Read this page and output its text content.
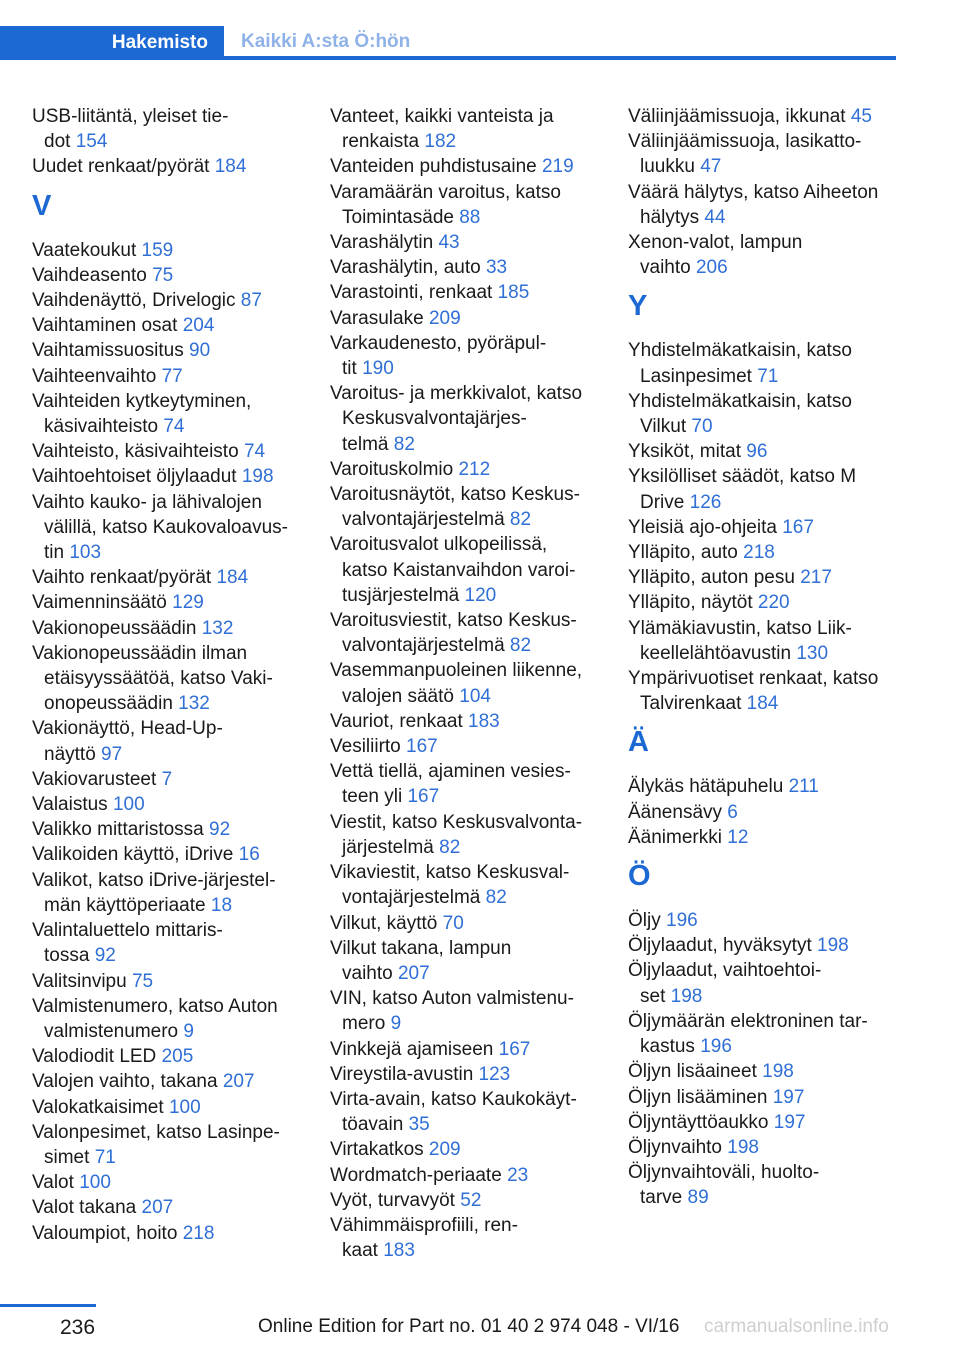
Hakemisto	Kaikki A:sta Ö:hön
USB-liitäntä, yleiset tie-
dot 154
Uudet renkaat/pyörät 184
V
Vaatekoukut 159
Vaihdeasento 75
Vaihdenäyttö, Drivelogic 87
Vaihtaminen osat 204
Vaihtamissuositus 90
Vaihteenvaihto 77
Vaihteiden kytkeytyminen,
käsivaihteisto 74
Vaihteisto, käsivaihteisto 74
Vaihtoehtoiset öljylaadut 198
Vaihto kauko- ja lähivalojen
välillä, katso Kaukovaloavus-
tin 103
Vaihto renkaat/pyörät 184
Vaimenninsäätö 129
Vakionopeussäädin 132
Vakionopeussäädin ilman
etäisyyssäätöä, katso Vaki-
onopeussäädin 132
Vakionäyttö, Head-Up-
näyttö 97
Vakiovarusteet 7
Valaistus 100
Valikko mittaristossa 92
Valikoiden käyttö, iDrive 16
Valikot, katso iDrive-järjestel-
män käyttöperiaate 18
Valintaluettelo mittaris-
tossa 92
Valitsinvipu 75
Valmistenumero, katso Auton
valmistenumero 9
Valodiodit LED 205
Valojen vaihto, takana 207
Valokatkaisimet 100
Valonpesimet, katso Lasinpe-
simet 71
Valot 100
Valot takana 207
Valoumpiot, hoito 218
Vanteet, kaikki vanteista ja
renkaista 182
Vanteiden puhdistusaine 219
Varamäärän varoitus, katso
Toimintasäde 88
Varashälytin 43
Varashälytin, auto 33
Varastointi, renkaat 185
Varasulake 209
Varkaudenesto, pyöräpul-
tit 190
Varoitus- ja merkkivalot, katso
Keskusvalvontajärjes-
telmä 82
Varoituskolmio 212
Varoitusnäytöt, katso Keskus-
valvontajärjestelmä 82
Varoitusvalot ulkopeilissä,
katso Kaistanvaihdon varoi-
tusjärjestelmä 120
Varoitusviestit, katso Keskus-
valvontajärjestelmä 82
Vasemmanpuoleinen liikenne,
valojen säätö 104
Vauriot, renkaat 183
Vesiliirto 167
Vettä tiellä, ajaminen vesies-
teen yli 167
Viestit, katso Keskusvalvonta-
järjestelmä 82
Vikaviestit, katso Keskusval-
vontajärjestelmä 82
Vilkut, käyttö 70
Vilkut takana, lampun
vaihto 207
VIN, katso Auton valmistenu-
mero 9
Vinkkejä ajamiseen 167
Vireystila-avustin 123
Virta-avain, katso Kaukokäyt-
töavain 35
Virtakatkos 209
Wordmatch-periaate 23
Vyöt, turvavyöt 52
Vähimmäisprofiili, ren-
kaat 183
Väliinjäämissuoja, ikkunat 45
Väliinjäämissuoja, lasikatto-
luukku 47
Väärä hälytys, katso Aiheeton
hälytys 44
Xenon-valot, lampun
vaihto 206
Y
Yhdistelmäkatkaisin, katso
Lasinpesimet 71
Yhdistelmäkatkaisin, katso
Vilkut 70
Yksiköt, mitat 96
Yksilölliset säädöt, katso M
Drive 126
Yleisiä ajo-ohjeita 167
Ylläpito, auto 218
Ylläpito, auton pesu 217
Ylläpito, näytöt 220
Ylämäkiavustin, katso Liik-
keellelähtöavustin 130
Ympärivuotiset renkaat, katso
Talvirenkaat 184
Ä
Älykäs hätäpuhelu 211
Äänensävy 6
Äänimerkki 12
Ö
Öljy 196
Öljylaadut, hyväksytyt 198
Öljylaadut, vaihtoehtoi-
set 198
Öljymäärän elektroninen tar-
kastus 196
Öljyn lisäaineet 198
Öljyn lisääminen 197
Öljyntäyttöaukko 197
Öljynvaihto 198
Öljynvaihtoväli, huolto-
tarve 89
236	Online Edition for Part no. 01 40 2 974 048 - VI/16 carmanualsonline.info
